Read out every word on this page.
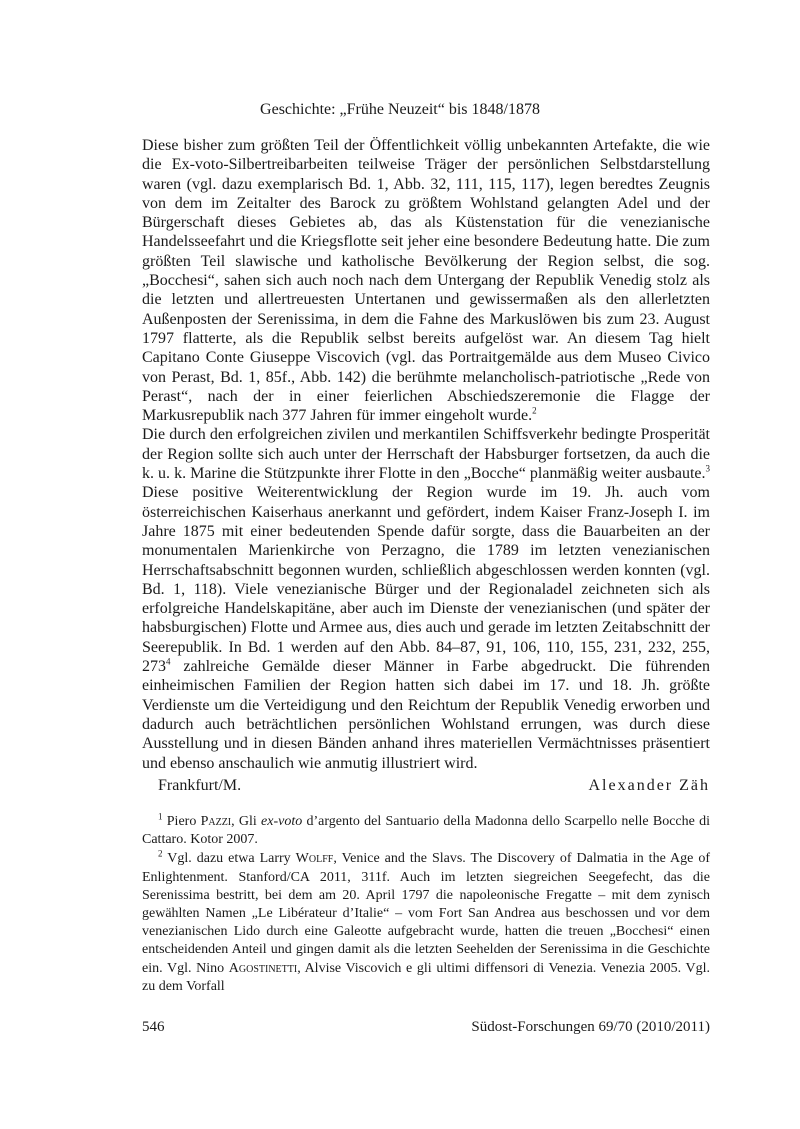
Geschichte: „Frühe Neuzeit“ bis 1848/1878

Diese bisher zum größten Teil der Öffentlichkeit völlig unbekannten Artefakte, die wie die Ex-voto-Silbertreibarbeiten teilweise Träger der persönlichen Selbstdarstellung waren (vgl. dazu exemplarisch Bd. 1, Abb. 32, 111, 115, 117), legen beredtes Zeugnis von dem im Zeitalter des Barock zu größtem Wohlstand gelangten Adel und der Bürgerschaft dieses Gebietes ab, das als Küstenstation für die venezianische Handelsseefahrt und die Kriegsflotte seit jeher eine besondere Bedeutung hatte. Die zum größten Teil slawische und katholische Bevölkerung der Region selbst, die sog. „Bocchesi“, sahen sich auch noch nach dem Untergang der Republik Venedig stolz als die letzten und allertreuesten Untertanen und gewissermaßen als den allerletzten Außenposten der Serenissima, in dem die Fahne des Markuslöwen bis zum 23. August 1797 flatterte, als die Republik selbst bereits aufgelöst war. An diesem Tag hielt Capitano Conte Giuseppe Viscovich (vgl. das Portraitgemälde aus dem Museo Civico von Perast, Bd. 1, 85f., Abb. 142) die berühmte melancholisch-patriotische „Rede von Perast“, nach der in einer feierlichen Abschiedszeremonie die Flagge der Markusrepublik nach 377 Jahren für immer eingeholt wurde.$^2$

Die durch den erfolgreichen zivilen und merkantilen Schiffsverkehr bedingte Prosperität der Region sollte sich auch unter der Herrschaft der Habsburger fortsetzen, da auch die k. u. k. Marine die Stützpunkte ihrer Flotte in den „Bocche“ planmäßig weiter ausbaute.$^3$ Diese positive Weiterentwicklung der Region wurde im 19. Jh. auch vom österreichischen Kaiserhaus anerkannt und gefördert, indem Kaiser Franz-Joseph I. im Jahre 1875 mit einer bedeutenden Spende dafür sorgte, dass die Bauarbeiten an der monumentalen Marienkirche von Perzagno, die 1789 im letzten venezianischen Herrschaftsabschnitt begonnen wurden, schließlich abgeschlossen werden konnten (vgl. Bd. 1, 118). Viele venezianische Bürger und der Regionaladel zeichneten sich als erfolgreiche Handelskapitäne, aber auch im Dienste der venezianischen (und später der habsburgischen) Flotte und Armee aus, dies auch und gerade im letzten Zeitabschnitt der Seerepublik. In Bd. 1 werden auf den Abb. 84–87, 91, 106, 110, 155, 231, 232, 255, $273^4$ zahlreiche Gemälde dieser Männer in Farbe abgedruckt. Die führenden einheimischen Familien der Region hatten sich dabei im 17. und 18. Jh. größte Verdienste um die Verteidigung und den Reichtum der Republik Venedig erworben und dadurch auch beträchtlichen persönlichen Wohlstand errungen, was durch diese Ausstellung und in diesen Bänden anhand ihres materiellen Vermächtnisses präsentiert und ebenso anschaulich wie anmutig illustriert wird.

Frankfurt/M.	Alexander Zäh

$^1$ Piero Pazzi, Gli ex-voto d’argento del Santuario della Madonna dello Scarpello nelle Bocche di Cattaro. Kotor 2007.

$^2$ Vgl. dazu etwa Larry Wolff, Venice and the Slavs. The Discovery of Dalmatia in the Age of Enlightenment. Stanford/CA 2011, 311f. Auch im letzten siegreichen Seegefecht, das die Serenissima bestritt, bei dem am 20. April 1797 die napoleonische Fregatte – mit dem zynisch gewählten Namen „Le Libérateur d’Italie“ – vom Fort San Andrea aus beschossen und vor dem venezianischen Lido durch eine Galeotte aufgebracht wurde, hatten die treuen „Bocchesi“ einen entscheidenden Anteil und gingen damit als die letzten Seehelden der Serenissima in die Geschichte ein. Vgl. Nino Agostinetti, Alvise Viscovich e gli ultimi diffensori di Venezia. Venezia 2005. Vgl. zu dem Vorfall

546	Südost-Forschungen 69/70 (2010/2011)
